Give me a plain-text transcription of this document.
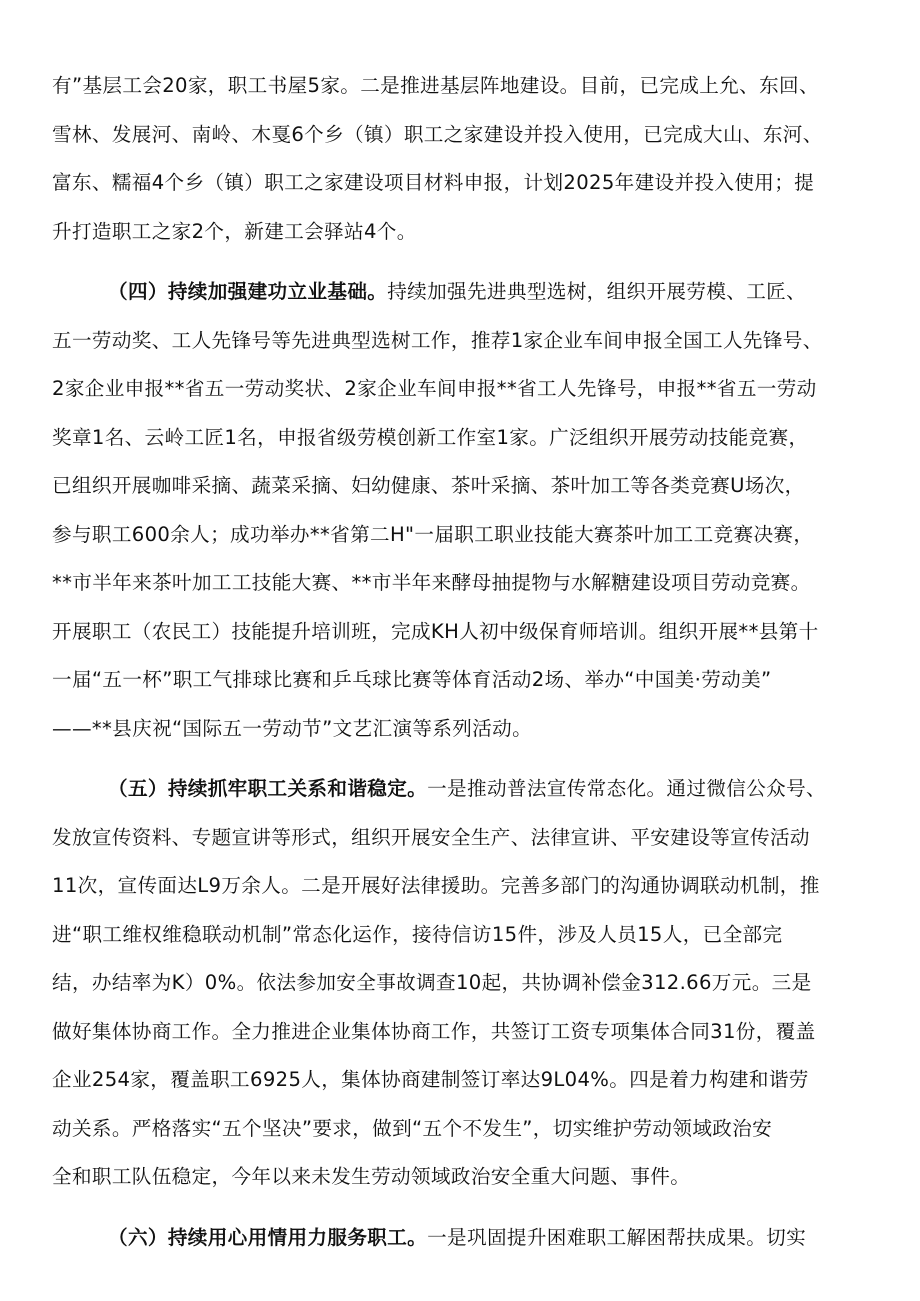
有”基层工会20家，职工书屋5家。二是推进基层阵地建设。目前，已完成上允、东回、
雪林、发展河、南岭、木戛6个乡（镇）职工之家建设并投入使用，已完成大山、东河、
富东、糯福4个乡（镇）职工之家建设项目材料申报，计划2025年建设并投入使用；提
升打造职工之家2个，新建工会驿站4个。
（四）持续加强建功立业基础。持续加强先进典型选树，组织开展劳模、工匠、
五一劳动奖、工人先锋号等先进典型选树工作，推荐1家企业车间申报全国工人先锋号、
2家企业申报**省五一劳动奖状、2家企业车间申报**省工人先锋号，申报**省五一劳动
奖章1名、云岭工匠1名，申报省级劳模创新工作室1家。广泛组织开展劳动技能竞赛，
已组织开展咖啡采摘、蔬菜采摘、妇幼健康、茶叶采摘、茶叶加工等各类竞赛U场次，
参与职工600余人；成功举办**省第二H"一届职工职业技能大赛茶叶加工工竞赛决赛，
**市半年来茶叶加工工技能大赛、**市半年来酵母抽提物与水解糖建设项目劳动竞赛。
开展职工（农民工）技能提升培训班，完成KH人初中级保育师培训。组织开展**县第十
一届“五一杯”职工气排球比赛和乒乓球比赛等体育活动2场、举办“中国美·劳动美”
——**县庆祝“国际五一劳动节”文艺汇演等系列活动。
（五）持续抓牢职工关系和谐稳定。一是推动普法宣传常态化。通过微信公众号、
发放宣传资料、专题宣讲等形式，组织开展安全生产、法律宣讲、平安建设等宣传活动
11次，宣传面达L9万余人。二是开展好法律援助。完善多部门的沟通协调联动机制，推
进“职工维权维稳联动机制”常态化运作，接待信访15件，涉及人员15人，已全部完
结，办结率为K）0%。依法参加安全事故调查10起，共协调补偿金312.66万元。三是
做好集体协商工作。全力推进企业集体协商工作，共签订工资专项集体合同31份，覆盖
企业254家，覆盖职工6925人，集体协商建制签订率达9L04%。四是着力构建和谐劳
动关系。严格落实“五个坚决”要求，做到“五个不发生”，切实维护劳动领域政治安
全和职工队伍稳定，今年以来未发生劳动领域政治安全重大问题、事件。
（六）持续用心用情用力服务职工。一是巩固提升困难职工解困帮扶成果。切实
